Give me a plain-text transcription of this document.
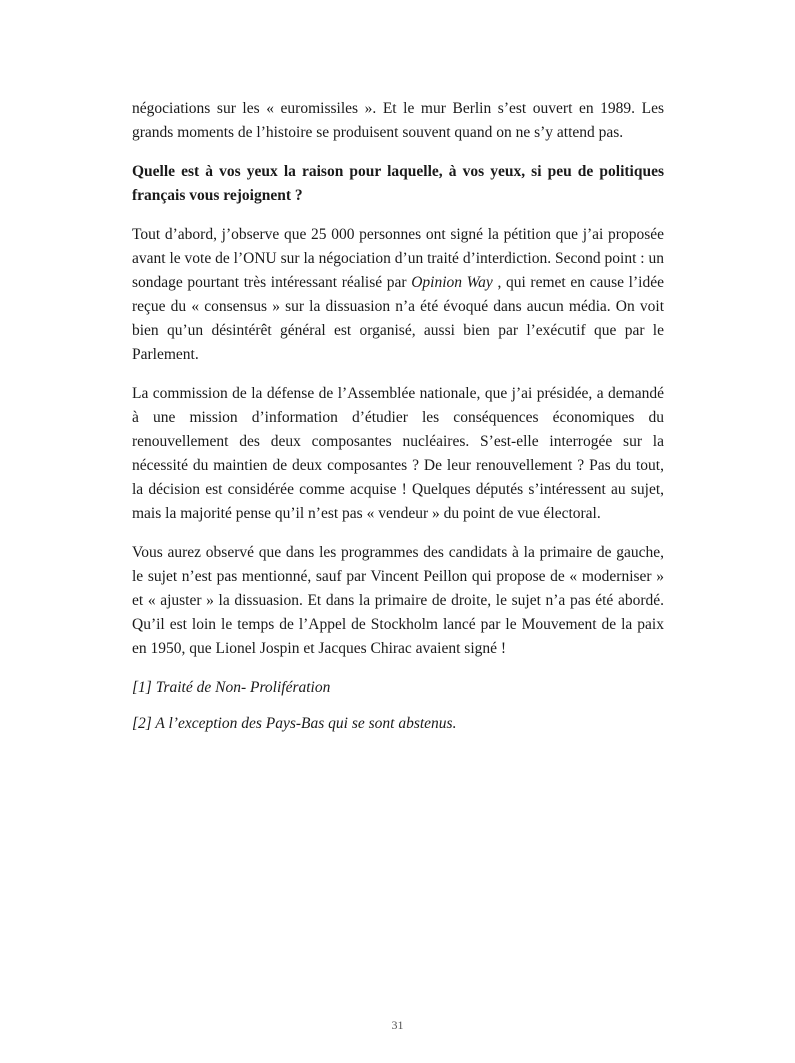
négociations sur les « euromissiles ». Et le mur Berlin s’est ouvert en 1989. Les grands moments de l’histoire se produisent souvent quand on ne s’y attend pas.

Quelle est à vos yeux la raison pour laquelle, à vos yeux, si peu de politiques français vous rejoignent ?

Tout d’abord, j’observe que 25 000 personnes ont signé la pétition que j’ai proposée avant le vote de l’ONU sur la négociation d’un traité d’interdiction. Second point : un sondage pourtant très intéressant réalisé par Opinion Way , qui remet en cause l’idée reçue du « consensus » sur la dissuasion n’a été évoqué dans aucun média. On voit bien qu’un désintérêt général est organisé, aussi bien par l’exécutif que par le Parlement.

La commission de la défense de l’Assemblée nationale, que j’ai présidée, a demandé à une mission d’information d’étudier les conséquences économiques du renouvellement des deux composantes nucléaires. S’est-elle interrogée sur la nécessité du maintien de deux composantes ? De leur renouvellement ? Pas du tout, la décision est considérée comme acquise ! Quelques députés s’intéressent au sujet, mais la majorité pense qu’il n’est pas « vendeur » du point de vue électoral.

Vous aurez observé que dans les programmes des candidats à la primaire de gauche, le sujet n’est pas mentionné, sauf par Vincent Peillon qui propose de « moderniser » et « ajuster » la dissuasion. Et dans la primaire de droite, le sujet n’a pas été abordé. Qu’il est loin le temps de l’Appel de Stockholm lancé par le Mouvement de la paix en 1950, que Lionel Jospin et Jacques Chirac avaient signé !

[1] Traité de Non- Prolifération

[2] A l’exception des Pays-Bas qui se sont abstenus.

31
